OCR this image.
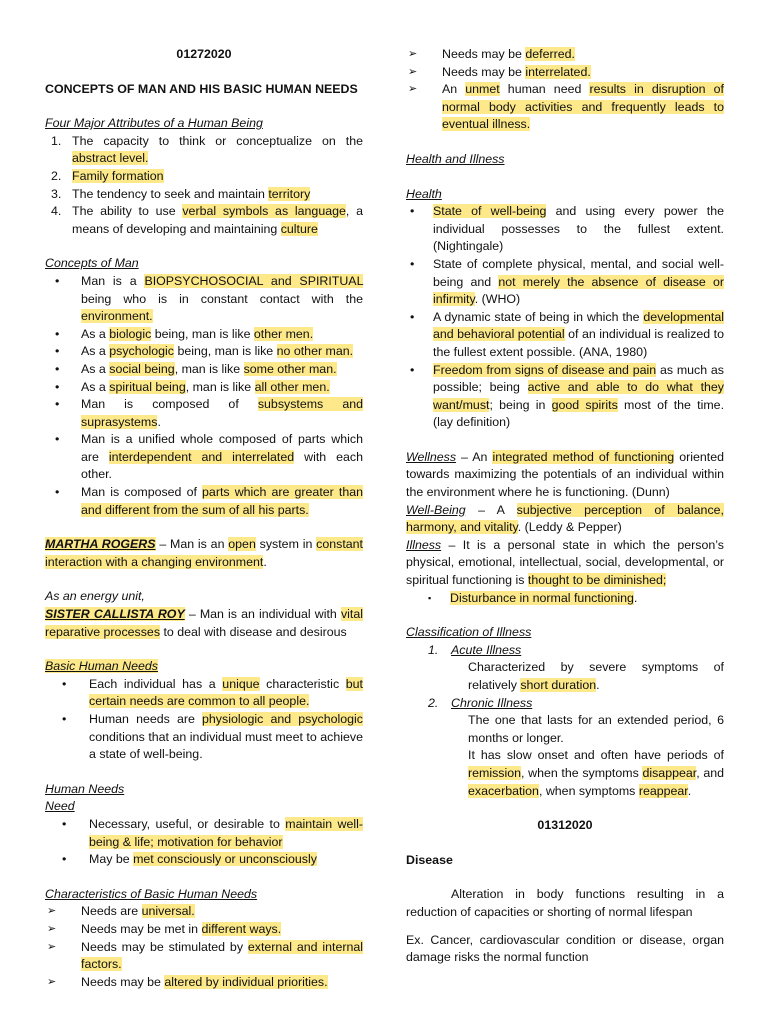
01272020
CONCEPTS OF MAN AND HIS BASIC HUMAN NEEDS
Four Major Attributes of a Human Being
1. The capacity to think or conceptualize on the abstract level.
2. Family formation
3. The tendency to seek and maintain territory
4. The ability to use verbal symbols as language, a means of developing and maintaining culture
Concepts of Man
• Man is a BIOPSYCHOSOCIAL and SPIRITUAL being who is in constant contact with the environment.
• As a biologic being, man is like other men.
• As a psychologic being, man is like no other man.
• As a social being, man is like some other man.
• As a spiritual being, man is like all other men.
• Man is composed of subsystems and suprasystems.
• Man is a unified whole composed of parts which are interdependent and interrelated with each other.
• Man is composed of parts which are greater than and different from the sum of all his parts.
MARTHA ROGERS – Man is an open system in constant interaction with a changing environment.
As an energy unit,
SISTER CALLISTA ROY – Man is an individual with vital reparative processes to deal with disease and desirous
Basic Human Needs
• Each individual has a unique characteristic but certain needs are common to all people.
• Human needs are physiologic and psychologic conditions that an individual must meet to achieve a state of well-being.
Human Needs
Need
• Necessary, useful, or desirable to maintain well-being & life; motivation for behavior
• May be met consciously or unconsciously
Characteristics of Basic Human Needs
➢ Needs are universal.
➢ Needs may be met in different ways.
➢ Needs may be stimulated by external and internal factors.
➢ Needs may be altered by individual priorities.
➢ Needs may be deferred.
➢ Needs may be interrelated.
➢ An unmet human need results in disruption of normal body activities and frequently leads to eventual illness.
Health and Illness
Health
• State of well-being and using every power the individual possesses to the fullest extent. (Nightingale)
• State of complete physical, mental, and social well-being and not merely the absence of disease or infirmity. (WHO)
• A dynamic state of being in which the developmental and behavioral potential of an individual is realized to the fullest extent possible. (ANA, 1980)
• Freedom from signs of disease and pain as much as possible; being active and able to do what they want/must; being in good spirits most of the time. (lay definition)
Wellness – An integrated method of functioning oriented towards maximizing the potentials of an individual within the environment where he is functioning. (Dunn)
Well-Being – A subjective perception of balance, harmony, and vitality. (Leddy & Pepper)
Illness – It is a personal state in which the person’s physical, emotional, intellectual, social, developmental, or spiritual functioning is thought to be diminished;
▪ Disturbance in normal functioning.
Classification of Illness
1. Acute Illness
Characterized by severe symptoms of relatively short duration.
2. Chronic Illness
The one that lasts for an extended period, 6 months or longer.
It has slow onset and often have periods of remission, when the symptoms disappear, and exacerbation, when symptoms reappear.
01312020
Disease
Alteration in body functions resulting in a reduction of capacities or shorting of normal lifespan
Ex. Cancer, cardiovascular condition or disease, organ damage risks the normal function
